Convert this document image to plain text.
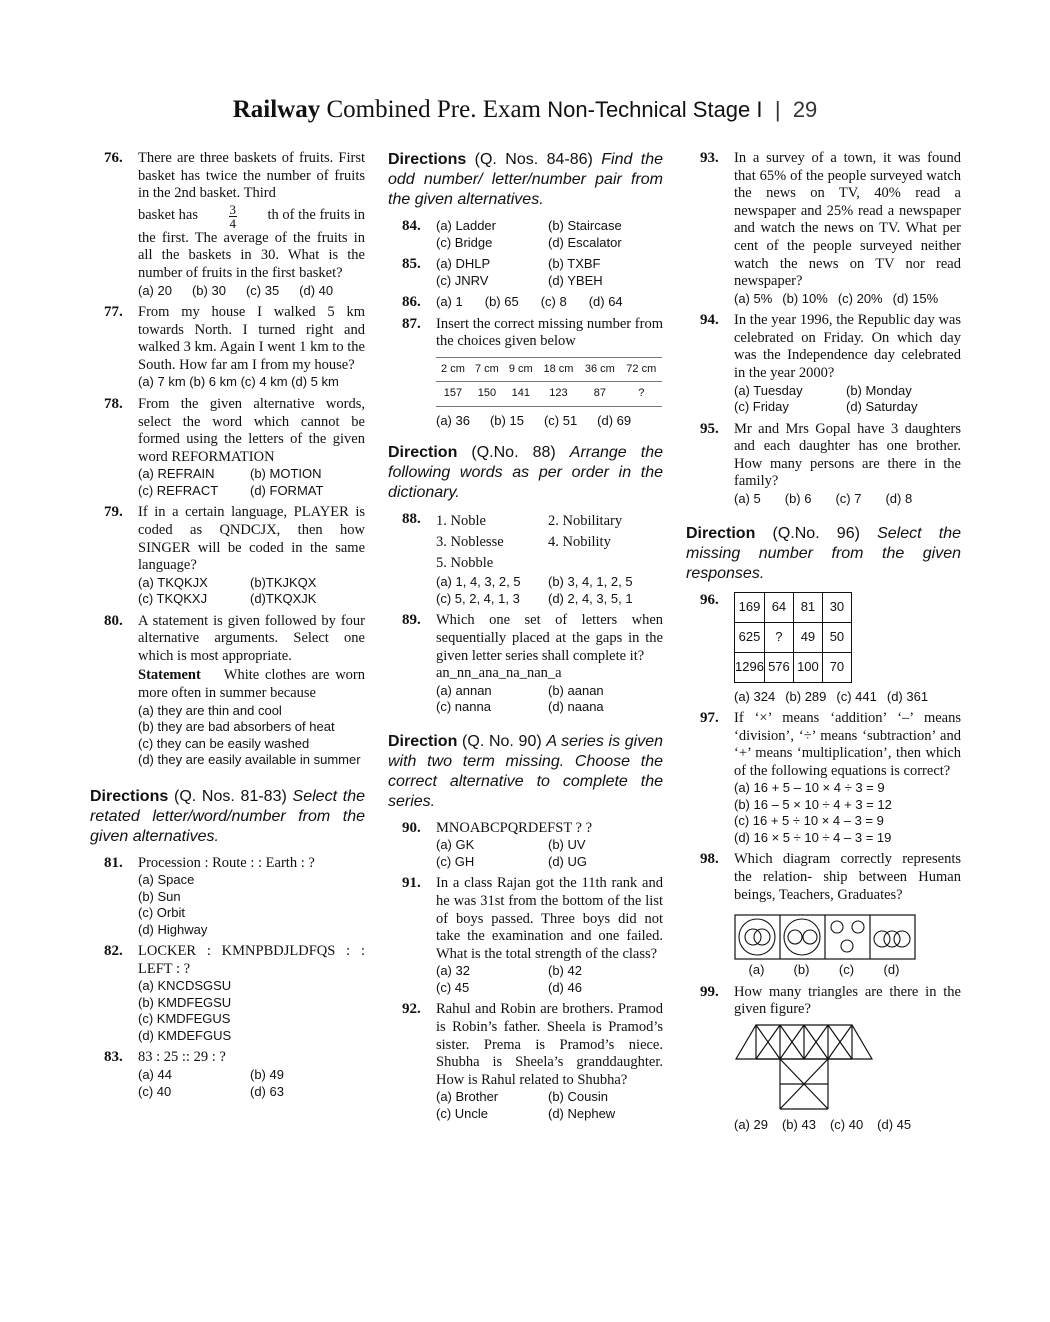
Railway Combined Pre. Exam Non-Technical Stage I  |  29
76. There are three baskets of fruits. First basket has twice the number of fruits in the 2nd basket. Third
basket has $\frac{3}{4}$ th of the fruits in
the first. The average of the fruits in all the baskets in 30. What is the number of fruits in the first basket?
(a) 20 (b) 30 (c) 35 (d) 40
77. From my house I walked 5 km towards North. I turned right and walked 3 km. Again I went 1 km to the South. How far am I from my house?
(a) 7 km (b) 6 km (c) 4 km (d) 5 km
78. From the given alternative words, select the word which cannot be formed using the letters of the given word REFORMATION
(a) REFRAIN	(b) MOTION
(c) REFRACT	(d) FORMAT
79. If in a certain language, PLAYER is coded as QNDCJX, then how SINGER will be coded in the same language?
(a) TKQKJX	(b)TKJKQX
(c) TKQKXJ	(d)TKQXJK
80. A statement is given followed by four alternative arguments. Select one which is most appropriate.
Statement White clothes are worn more often in summer because
(a) they are thin and cool
(b) they are bad absorbers of heat
(c) they can be easily washed
(d) they are easily available in summer
Directions (Q. Nos. 81-83) Select the retated letter/word/number from the given alternatives.
81. Procession : Route : : Earth : ?
(a) Space
(b) Sun
(c) Orbit
(d) Highway
82. LOCKER : KMNPBDJLDFQS : : LEFT : ?
(a) KNCDSGSU
(b) KMDFEGSU
(c) KMDFEGUS
(d) KMDEFGUS
83. 83 : 25 :: 29 : ?
(a) 44	(b) 49
(c) 40	(d) 63
Directions (Q. Nos. 84-86) Find the odd number/ letter/number pair from the given alternatives.
84. (a) Ladder	(b) Staircase
(c) Bridge	(d) Escalator
85. (a) DHLP	(b) TXBF
(c) JNRV	(d) YBEH
86. (a) 1 (b) 65 (c) 8 (d) 64
87. Insert the correct missing number from the choices given below
2 cm	7 cm	9 cm	18 cm	36 cm	72 cm
157	150	141	123	87	?
(a) 36 (b) 15 (c) 51 (d) 69
Direction (Q.No. 88) Arrange the following words as per order in the dictionary.
88. 1. Noble	2. Nobilitary
3. Noblesse	4. Nobility
5. Nobble
(a) 1, 4, 3, 2, 5	(b) 3, 4, 1, 2, 5
(c) 5, 2, 4, 1, 3	(d) 2, 4, 3, 5, 1
89. Which one set of letters when sequentially placed at the gaps in the given letter series shall complete it?
an_nn_ana_na_nan_a
(a) annan	(b) aanan
(c) nanna	(d) naana
Direction (Q. No. 90) A series is given with two term missing. Choose the correct alternative to complete the series.
90. MNOABCPQRDEFST ? ?
(a) GK	(b) UV
(c) GH	(d) UG
91. In a class Rajan got the 11th rank and he was 31st from the bottom of the list of boys passed. Three boys did not take the examination and one failed. What is the total strength of the class?
(a) 32	(b) 42
(c) 45	(d) 46
92. Rahul and Robin are brothers. Pramod is Robin’s father. Sheela is Pramod’s sister. Prema is Pramod’s niece. Shubha is Sheela’s granddaughter. How is Rahul related to Shubha?
(a) Brother	(b) Cousin
(c) Uncle	(d) Nephew
93. In a survey of a town, it was found that 65% of the people surveyed watch the news on TV, 40% read a newspaper and 25% read a newspaper and watch the news on TV. What per cent of the people surveyed neither watch the news on TV nor read newspaper?
(a) 5% (b) 10% (c) 20% (d) 15%
94. In the year 1996, the Republic day was celebrated on Friday. On which day was the Independence day celebrated in the year 2000?
(a) Tuesday	(b) Monday
(c) Friday	(d) Saturday
95. Mr and Mrs Gopal have 3 daughters and each daughter has one brother. How many persons are there in the family?
(a) 5 (b) 6 (c) 7 (d) 8
Direction (Q.No. 96) Select the missing number from the given responses.
96. 169	64	81	30
625	?	49	50
1296	576	100	70
(a) 324 (b) 289 (c) 441 (d) 361
97. If ‘×’ means ‘addition’ ‘–’ means ‘division’, ‘÷’ means ‘subtraction’ and ‘+’ means ‘multiplication’, then which of the following equations is correct?
(a) 16 + 5 – 10 × 4 ÷ 3 = 9
(b) 16 – 5 × 10 ÷ 4 + 3 = 12
(c) 16 + 5 ÷ 10 × 4 – 3 = 9
(d) 16 × 5 ÷ 10 ÷ 4 – 3 = 19
98. Which diagram correctly represents the relation- ship between Human beings, Teachers, Graduates?
(a)	(b)	(c)	(d)
99. How many triangles are there in the given figure?
(a) 29 (b) 43 (c) 40 (d) 45
